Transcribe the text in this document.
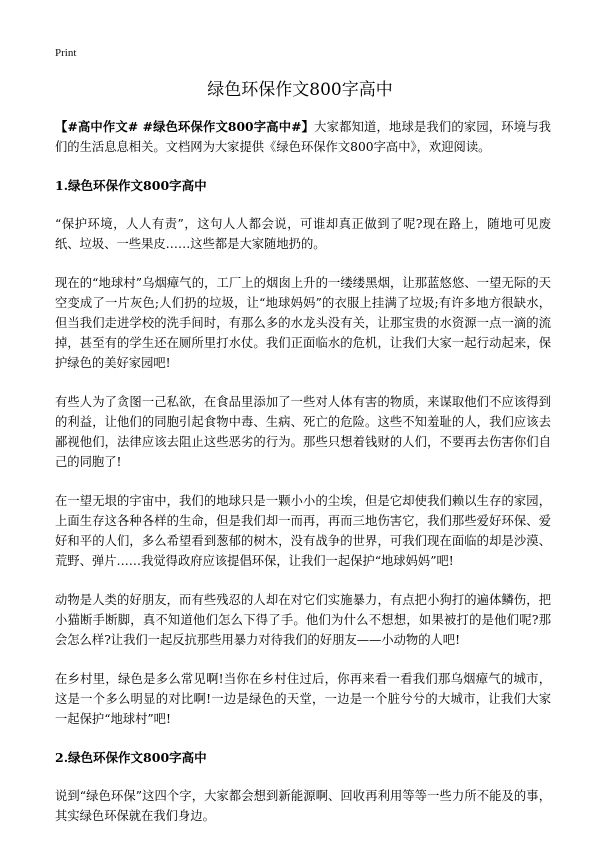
Print
绿色环保作文800字高中

【#高中作文# #绿色环保作文800字高中#】大家都知道，地球是我们的家园，环境与我们的生活息息相关。文档网为大家提供《绿色环保作文800字高中》，欢迎阅读。

1.绿色环保作文800字高中

“保护环境，人人有责”，这句人人都会说，可谁却真正做到了呢?现在路上，随地可见废纸、垃圾、一些果皮……这些都是大家随地扔的。

现在的“地球村”乌烟瘴气的，工厂上的烟囱上升的一缕缕黑烟，让那蓝悠悠、一望无际的天空变成了一片灰色;人们扔的垃圾，让“地球妈妈”的衣服上挂满了垃圾;有许多地方很缺水，但当我们走进学校的洗手间时，有那么多的水龙头没有关，让那宝贵的水资源一点一滴的流掉，甚至有的学生还在厕所里打水仗。我们正面临水的危机，让我们大家一起行动起来，保护绿色的美好家园吧!

有些人为了贪图一己私欲，在食品里添加了一些对人体有害的物质，来谋取他们不应该得到的利益，让他们的同胞引起食物中毒、生病、死亡的危险。这些不知羞耻的人，我们应该去鄙视他们，法律应该去阻止这些恶劣的行为。那些只想着钱财的人们，不要再去伤害你们自己的同胞了!

在一望无垠的宇宙中，我们的地球只是一颗小小的尘埃，但是它却使我们赖以生存的家园，上面生存这各种各样的生命，但是我们却一而再，再而三地伤害它，我们那些爱好环保、爱好和平的人们，多么希望看到葱郁的树木，没有战争的世界，可我们现在面临的却是沙漠、荒野、弹片……我觉得政府应该提倡环保，让我们一起保护“地球妈妈”吧!

动物是人类的好朋友，而有些残忍的人却在对它们实施暴力，有点把小狗打的遍体鳞伤，把小猫断手断脚，真不知道他们怎么下得了手。他们为什么不想想，如果被打的是他们呢?那会怎么样?让我们一起反抗那些用暴力对待我们的好朋友——小动物的人吧!

在乡村里，绿色是多么常见啊!当你在乡村住过后，你再来看一看我们那乌烟瘴气的城市，这是一个多么明显的对比啊!一边是绿色的天堂，一边是一个脏兮兮的大城市，让我们大家一起保护“地球村”吧!

2.绿色环保作文800字高中

说到“绿色环保”这四个字，大家都会想到新能源啊、回收再利用等等一些力所不能及的事，其实绿色环保就在我们身边。
